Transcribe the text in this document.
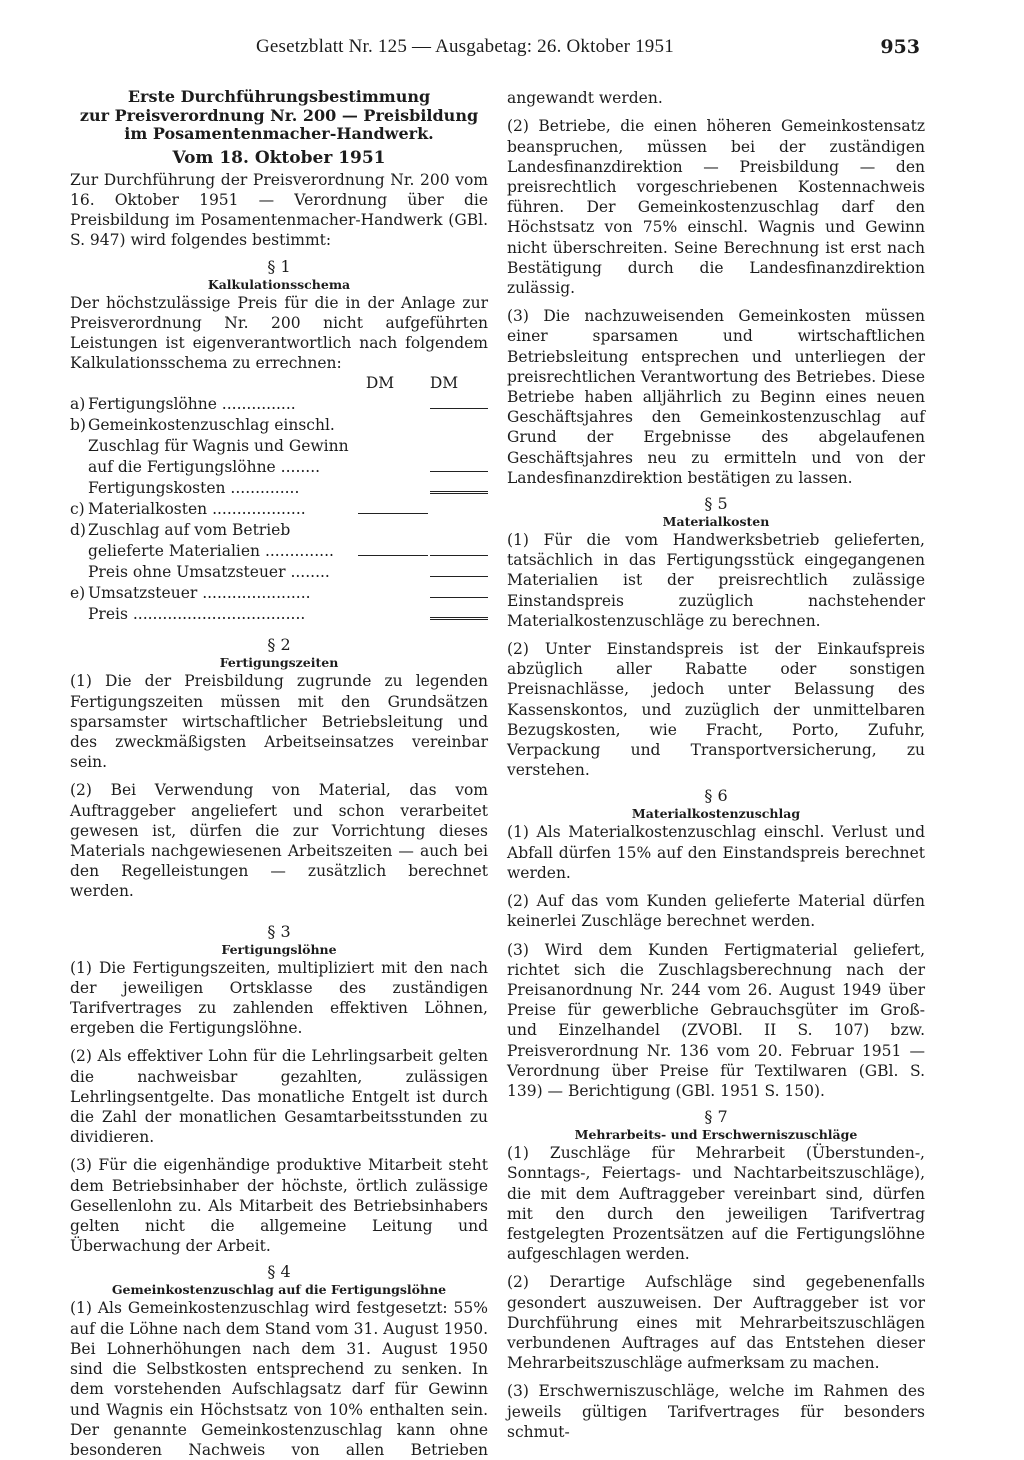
Gesetzblatt Nr. 125 — Ausgabetag: 26. Oktober 1951	953

Erste Durchführungsbestimmung

zur Preisverordnung Nr. 200 — Preisbildung

im Posamentenmacher-Handwerk.

Vom 18. Oktober 1951

Zur Durchführung der Preisverordnung Nr. 200 vom 16. Oktober 1951 — Verordnung über die Preisbildung im Posamentenmacher-Handwerk (GBl. S. 947) wird folgendes bestimmt:

§ 1

Kalkulationsschema

Der höchstzulässige Preis für die in der Anlage zur Preisverordnung Nr. 200 nicht aufgeführten Leistungen ist eigenverantwortlich nach folgendem Kalkulationsschema zu errechnen:

DM	DM
a) Fertigungslöhne ...............
b) Gemeinkostenzuschlag einschl. Zuschlag für Wagnis und Gewinn auf die Fertigungslöhne ........
Fertigungskosten ..............
c) Materialkosten ...................
d) Zuschlag auf vom Betrieb gelieferte Materialien ..............
Preis ohne Umsatzsteuer ........
e) Umsatzsteuer ......................
Preis ...................................

§ 2

Fertigungszeiten

(1) Die der Preisbildung zugrunde zu legenden Fertigungszeiten müssen mit den Grundsätzen sparsamster wirtschaftlicher Betriebsleitung und des zweckmäßigsten Arbeitseinsatzes vereinbar sein.

(2) Bei Verwendung von Material, das vom Auftraggeber angeliefert und schon verarbeitet gewesen ist, dürfen die zur Vorrichtung dieses Materials nachgewiesenen Arbeitszeiten — auch bei den Regelleistungen — zusätzlich berechnet werden.

§ 3

Fertigungslöhne

(1) Die Fertigungszeiten, multipliziert mit den nach der jeweiligen Ortsklasse des zuständigen Tarifvertrages zu zahlenden effektiven Löhnen, ergeben die Fertigungslöhne.

(2) Als effektiver Lohn für die Lehrlingsarbeit gelten die nachweisbar gezahlten, zulässigen Lehrlingsentgelte. Das monatliche Entgelt ist durch die Zahl der monatlichen Gesamtarbeitsstunden zu dividieren.

(3) Für die eigenhändige produktive Mitarbeit steht dem Betriebsinhaber der höchste, örtlich zulässige Gesellenlohn zu. Als Mitarbeit des Betriebsinhabers gelten nicht die allgemeine Leitung und Überwachung der Arbeit.

§ 4

Gemeinkostenzuschlag auf die Fertigungslöhne

(1) Als Gemeinkostenzuschlag wird festgesetzt: 55% auf die Löhne nach dem Stand vom 31. August 1950. Bei Lohnerhöhungen nach dem 31. August 1950 sind die Selbstkosten entsprechend zu senken. In dem vorstehenden Aufschlagsatz darf für Gewinn und Wagnis ein Höchstsatz von 10% enthalten sein. Der genannte Gemeinkostenzuschlag kann ohne besonderen Nachweis von allen Betrieben

angewandt werden.

(2) Betriebe, die einen höheren Gemeinkostensatz beanspruchen, müssen bei der zuständigen Landesfinanzdirektion — Preisbildung — den preisrechtlich vorgeschriebenen Kostennachweis führen. Der Gemeinkostenzuschlag darf den Höchstsatz von 75% einschl. Wagnis und Gewinn nicht überschreiten. Seine Berechnung ist erst nach Bestätigung durch die Landesfinanzdirektion zulässig.

(3) Die nachzuweisenden Gemeinkosten müssen einer sparsamen und wirtschaftlichen Betriebsleitung entsprechen und unterliegen der preisrechtlichen Verantwortung des Betriebes. Diese Betriebe haben alljährlich zu Beginn eines neuen Geschäftsjahres den Gemeinkostenzuschlag auf Grund der Ergebnisse des abgelaufenen Geschäftsjahres neu zu ermitteln und von der Landesfinanzdirektion bestätigen zu lassen.

§ 5

Materialkosten

(1) Für die vom Handwerksbetrieb gelieferten, tatsächlich in das Fertigungsstück eingegangenen Materialien ist der preisrechtlich zulässige Einstandspreis zuzüglich nachstehender Materialkostenzuschläge zu berechnen.

(2) Unter Einstandspreis ist der Einkaufspreis abzüglich aller Rabatte oder sonstigen Preisnachlässe, jedoch unter Belassung des Kassenskontos, und zuzüglich der unmittelbaren Bezugskosten, wie Fracht, Porto, Zufuhr, Verpackung und Transportversicherung, zu verstehen.

§ 6

Materialkostenzuschlag

(1) Als Materialkostenzuschlag einschl. Verlust und Abfall dürfen 15% auf den Einstandspreis berechnet werden.

(2) Auf das vom Kunden gelieferte Material dürfen keinerlei Zuschläge berechnet werden.

(3) Wird dem Kunden Fertigmaterial geliefert, richtet sich die Zuschlagsberechnung nach der Preisanordnung Nr. 244 vom 26. August 1949 über Preise für gewerbliche Gebrauchsgüter im Groß- und Einzelhandel (ZVOBl. II S. 107) bzw. Preisverordnung Nr. 136 vom 20. Februar 1951 — Verordnung über Preise für Textilwaren (GBl. S. 139) — Berichtigung (GBl. 1951 S. 150).

§ 7

Mehrarbeits- und Erschwerniszuschläge

(1) Zuschläge für Mehrarbeit (Überstunden-, Sonntags-, Feiertags- und Nachtarbeitszuschläge), die mit dem Auftraggeber vereinbart sind, dürfen mit den durch den jeweiligen Tarifvertrag festgelegten Prozentsätzen auf die Fertigungslöhne aufgeschlagen werden.

(2) Derartige Aufschläge sind gegebenenfalls gesondert auszuweisen. Der Auftraggeber ist vor Durchführung eines mit Mehrarbeitszuschlägen verbundenen Auftrages auf das Entstehen dieser Mehrarbeitszuschläge aufmerksam zu machen.

(3) Erschwerniszuschläge, welche im Rahmen des jeweils gültigen Tarifvertrages für besonders schmut-
